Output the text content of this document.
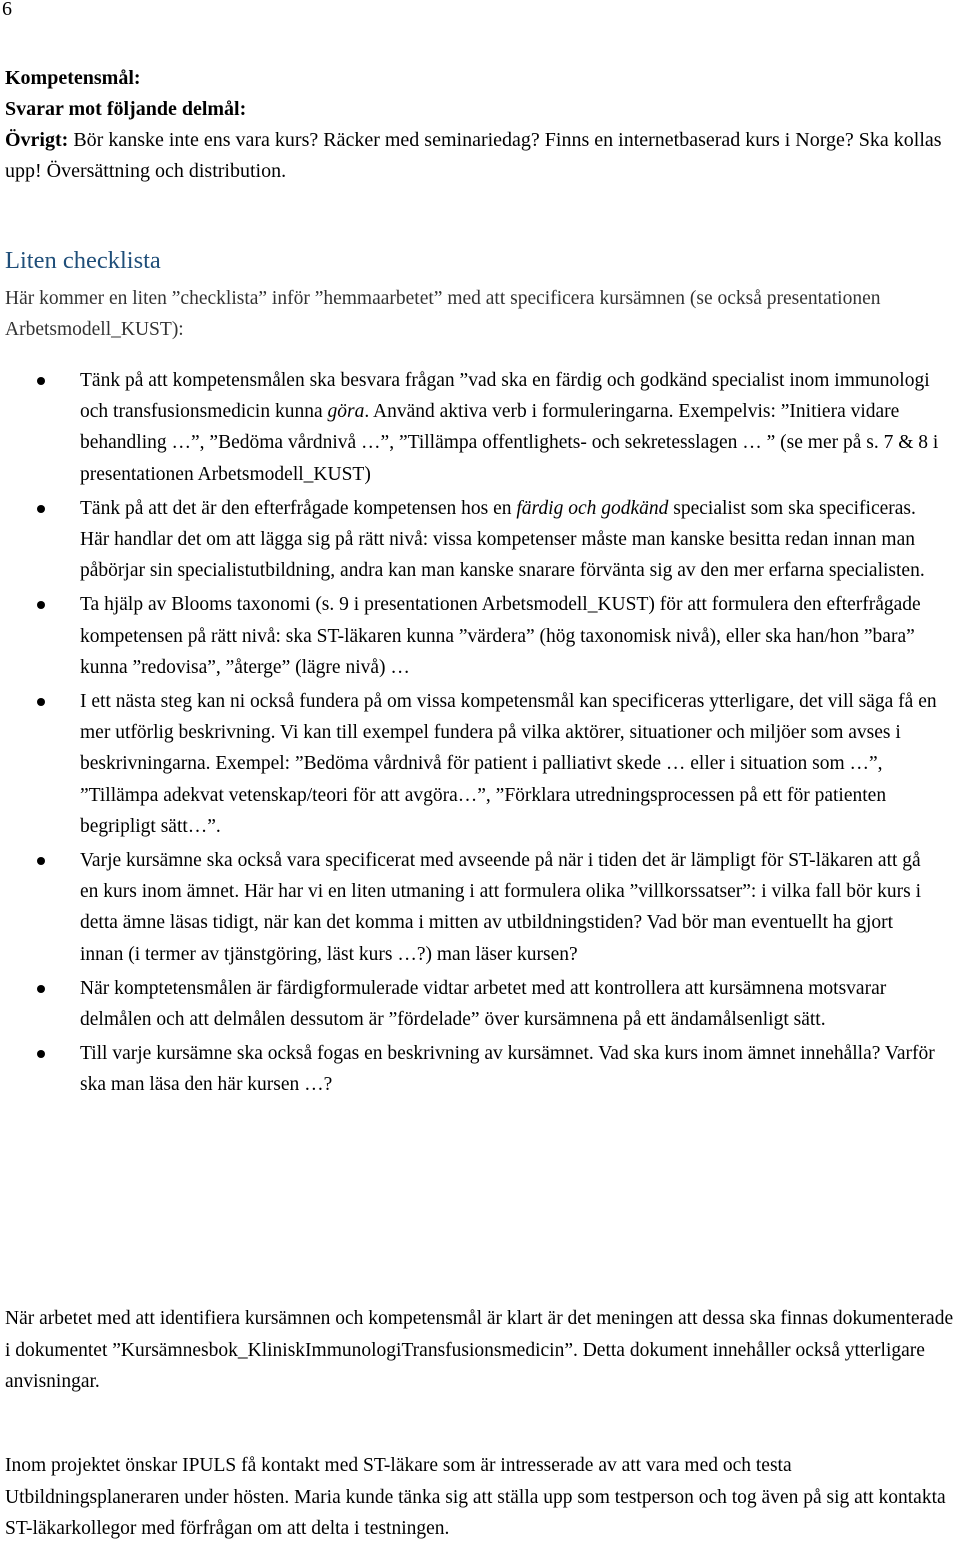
6
Kompetensmål:
Svarar mot följande delmål:
Övrigt: Bör kanske inte ens vara kurs? Räcker med seminariedag? Finns en internetbaserad kurs i Norge? Ska kollas upp! Översättning och distribution.
Liten checklista
Här kommer en liten ”checklista” inför ”hemmaarbetet” med att specificera kursämnen (se också presentationen Arbetsmodell_KUST):
Tänk på att kompetensmålen ska besvara frågan ”vad ska en färdig och godkänd specialist inom immunologi och transfusionsmedicin kunna göra. Använd aktiva verb i formuleringarna. Exempelvis: ”Initiera vidare behandling …”, ”Bedöma vårdnivå …”, ”Tillämpa offentlighets- och sekretesslagen … ” (se mer på s. 7 & 8 i presentationen Arbetsmodell_KUST)
Tänk på att det är den efterfrågade kompetensen hos en färdig och godkänd specialist som ska specificeras. Här handlar det om att lägga sig på rätt nivå: vissa kompetenser måste man kanske besitta redan innan man påbörjar sin specialistutbildning, andra kan man kanske snarare förvänta sig av den mer erfarna specialisten.
Ta hjälp av Blooms taxonomi (s. 9 i presentationen Arbetsmodell_KUST) för att formulera den efterfrågade kompetensen på rätt nivå: ska ST-läkaren kunna ”värdera” (hög taxonomisk nivå), eller ska han/hon ”bara” kunna ”redovisa”, ”återge” (lägre nivå) …
I ett nästa steg kan ni också fundera på om vissa kompetensmål kan specificeras ytterligare, det vill säga få en mer utförlig beskrivning. Vi kan till exempel fundera på vilka aktörer, situationer och miljöer som avses i beskrivningarna. Exempel: ”Bedöma vårdnivå för patient i palliativt skede … eller i situation som …”, ”Tillämpa adekvat vetenskap/teori för att avgöra…”, ”Förklara utredningsprocessen på ett för patienten begripligt sätt…”.
Varje kursämne ska också vara specificerat med avseende på när i tiden det är lämpligt för ST-läkaren att gå en kurs inom ämnet. Här har vi en liten utmaning i att formulera olika ”villkorssatser”: i vilka fall bör kurs i detta ämne läsas tidigt, när kan det komma i mitten av utbildningstiden? Vad bör man eventuellt ha gjort innan (i termer av tjänstgöring, läst kurs …?) man läser kursen?
När komptetensmålen är färdigformulerade vidtar arbetet med att kontrollera att kursämnena motsvarar delmålen och att delmålen dessutom är ”fördelade” över kursämnena på ett ändamålsenligt sätt.
Till varje kursämne ska också fogas en beskrivning av kursämnet. Vad ska kurs inom ämnet innehålla? Varför ska man läsa den här kursen …?
När arbetet med att identifiera kursämnen och kompetensmål är klart är det meningen att dessa ska finnas dokumenterade i dokumentet ”Kursämnesbok_KliniskImmunologiTransfusionsmedicin”. Detta dokument innehåller också ytterligare anvisningar.
Inom projektet önskar IPULS få kontakt med ST-läkare som är intresserade av att vara med och testa Utbildningsplaneraren under hösten. Maria kunde tänka sig att ställa upp som testperson och tog även på sig att kontakta ST-läkarkollegor med förfrågan om att delta i testningen.
